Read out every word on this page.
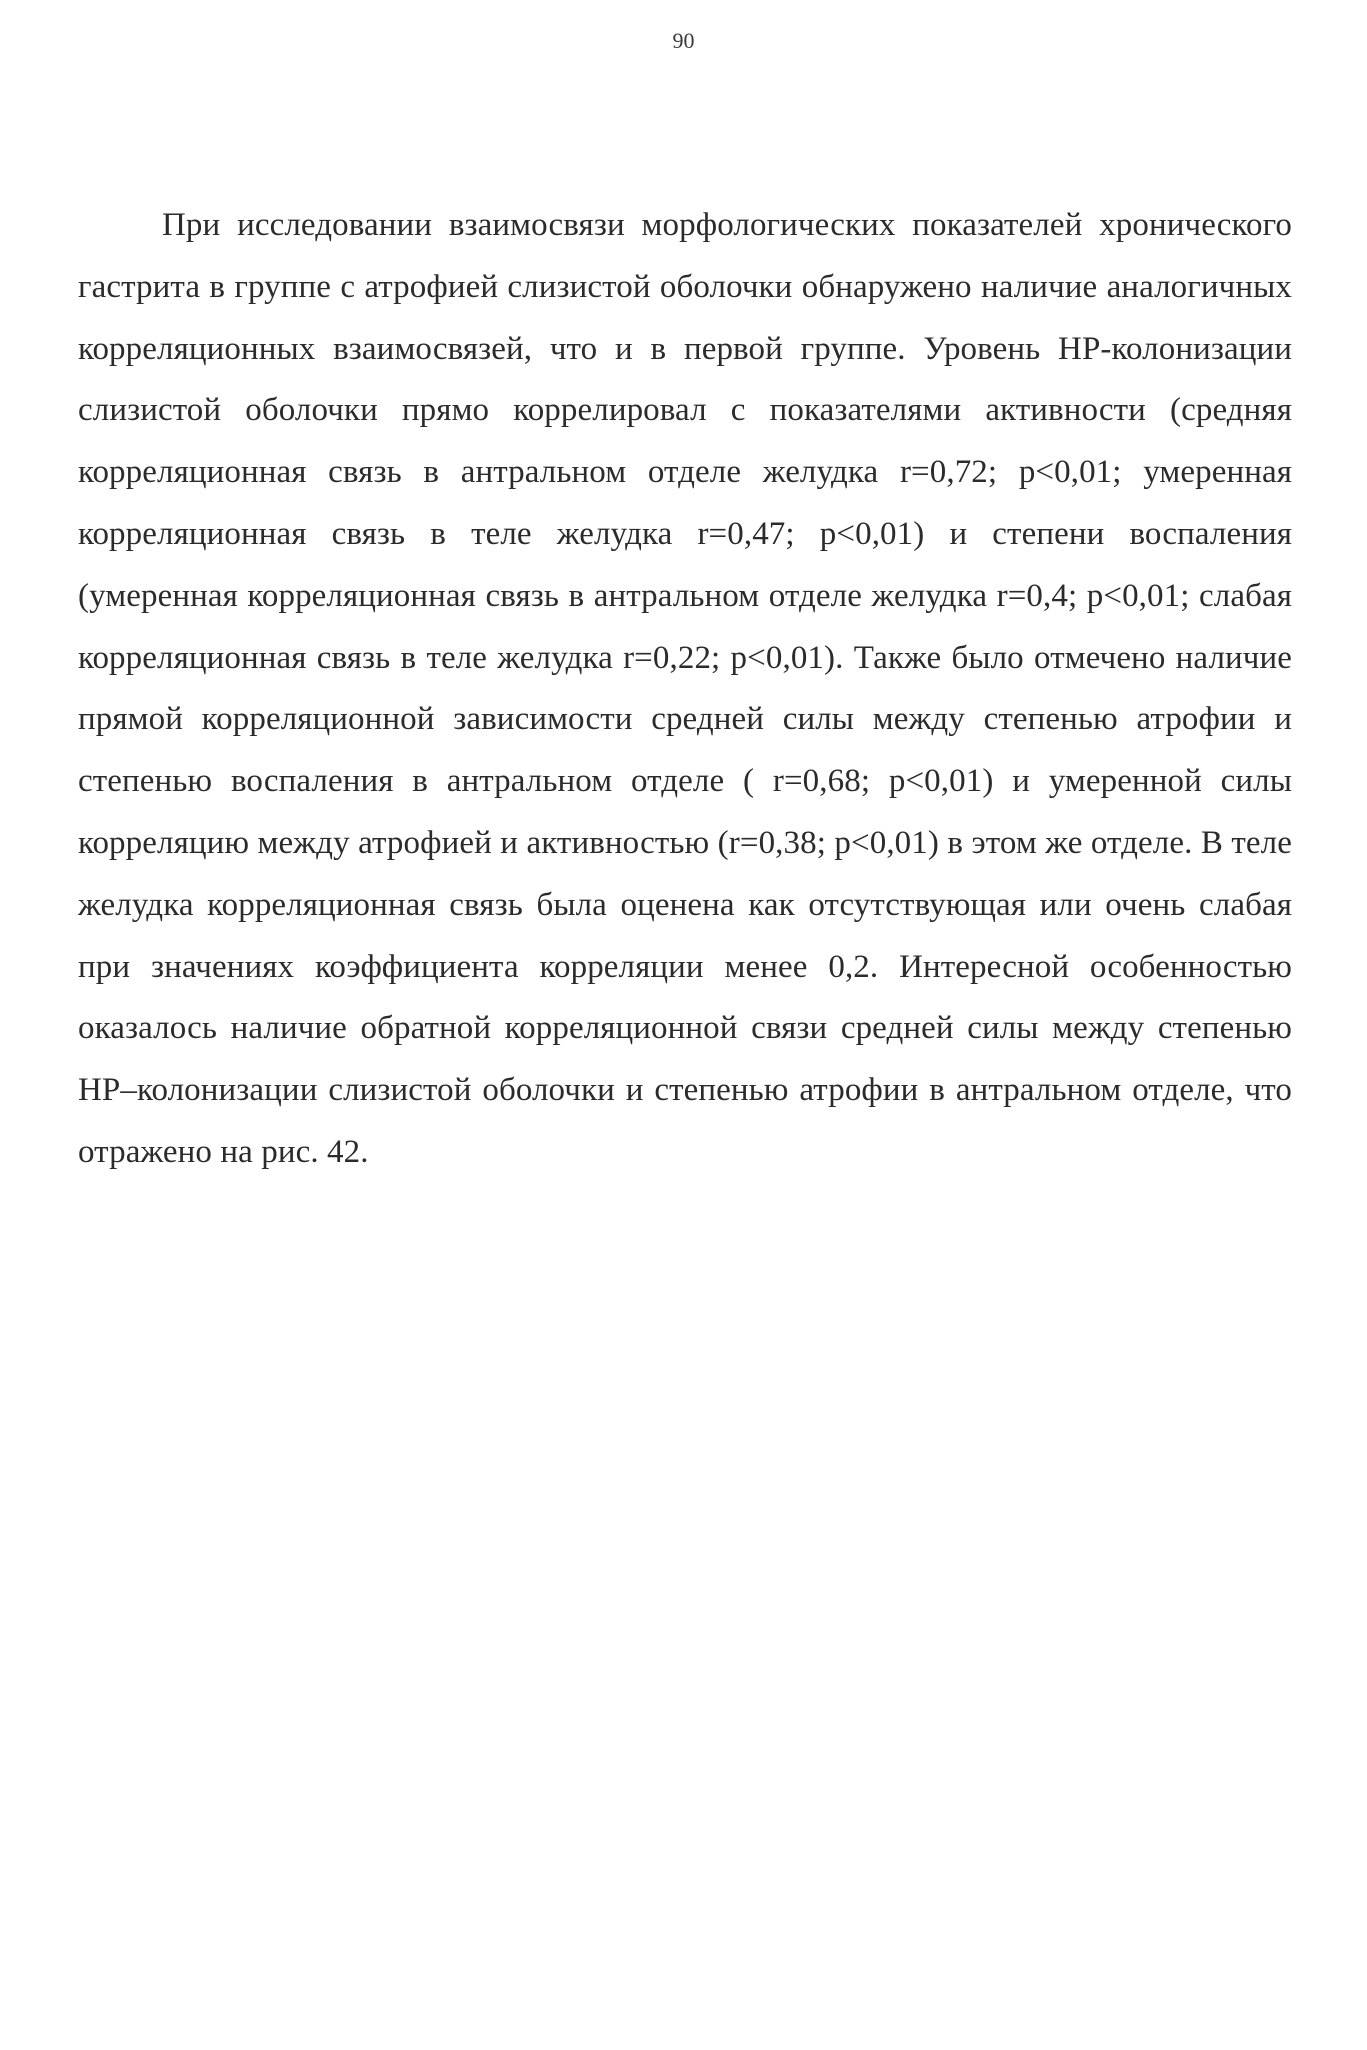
90

При исследовании взаимосвязи морфологических показателей хронического гастрита в группе с атрофией слизистой оболочки обнаружено наличие аналогичных корреляционных взаимосвязей, что и в первой группе. Уровень НР-колонизации слизистой оболочки прямо коррелировал с показателями активности (средняя корреляционная связь в антральном отделе желудка r=0,72; p<0,01; умеренная корреляционная связь в теле желудка r=0,47; p<0,01) и степени воспаления (умеренная корреляционная связь в антральном отделе желудка r=0,4; p<0,01; слабая корреляционная связь в теле желудка r=0,22; p<0,01). Также было отмечено наличие прямой корреляционной зависимости средней силы между степенью атрофии и степенью воспаления в антральном отделе ( r=0,68; p<0,01) и умеренной силы корреляцию между атрофией и активностью (r=0,38; p<0,01) в этом же отделе. В теле желудка корреляционная связь была оценена как отсутствующая или очень слабая при значениях коэффициента корреляции менее 0,2. Интересной особенностью оказалось наличие обратной корреляционной связи средней силы между степенью НР–колонизации слизистой оболочки и степенью атрофии в антральном отделе, что отражено на рис. 42.
